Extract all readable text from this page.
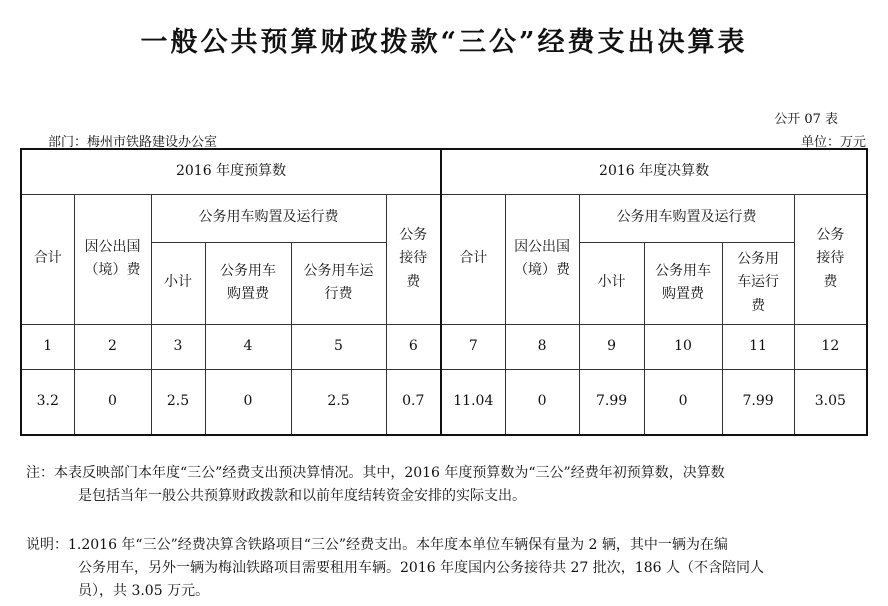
一般公共预算财政拨款“三公”经费支出决算表
公开 07 表
部门：梅州市铁路建设办公室	单位：万元
2016 年度预算数						2016 年度决算数					
合计	因公出国（境）费	公务用车购置及运行费			公务接待费	合计	因公出国（境）费	公务用车购置及运行费			公务接待费
		小计	公务用车购置费	公务用车运行费				小计	公务用车购置费	公务用车运行费	
1	2	3	4	5	6	7	8	9	10	11	12
3.2	0	2.5	0	2.5	0.7	11.04	0	7.99	0	7.99	3.05
注：本表反映部门本年度“三公”经费支出预决算情况。其中，2016 年度预算数为“三公”经费年初预算数，决算数
是包括当年一般公共预算财政拨款和以前年度结转资金安排的实际支出。
说明：1.2016 年“三公”经费决算含铁路项目“三公”经费支出。本年度本单位车辆保有量为 2 辆，其中一辆为在编
公务用车，另外一辆为梅汕铁路项目需要租用车辆。2016 年度国内公务接待共 27 批次，186 人（不含陪同人
员），共 3.05 万元。
